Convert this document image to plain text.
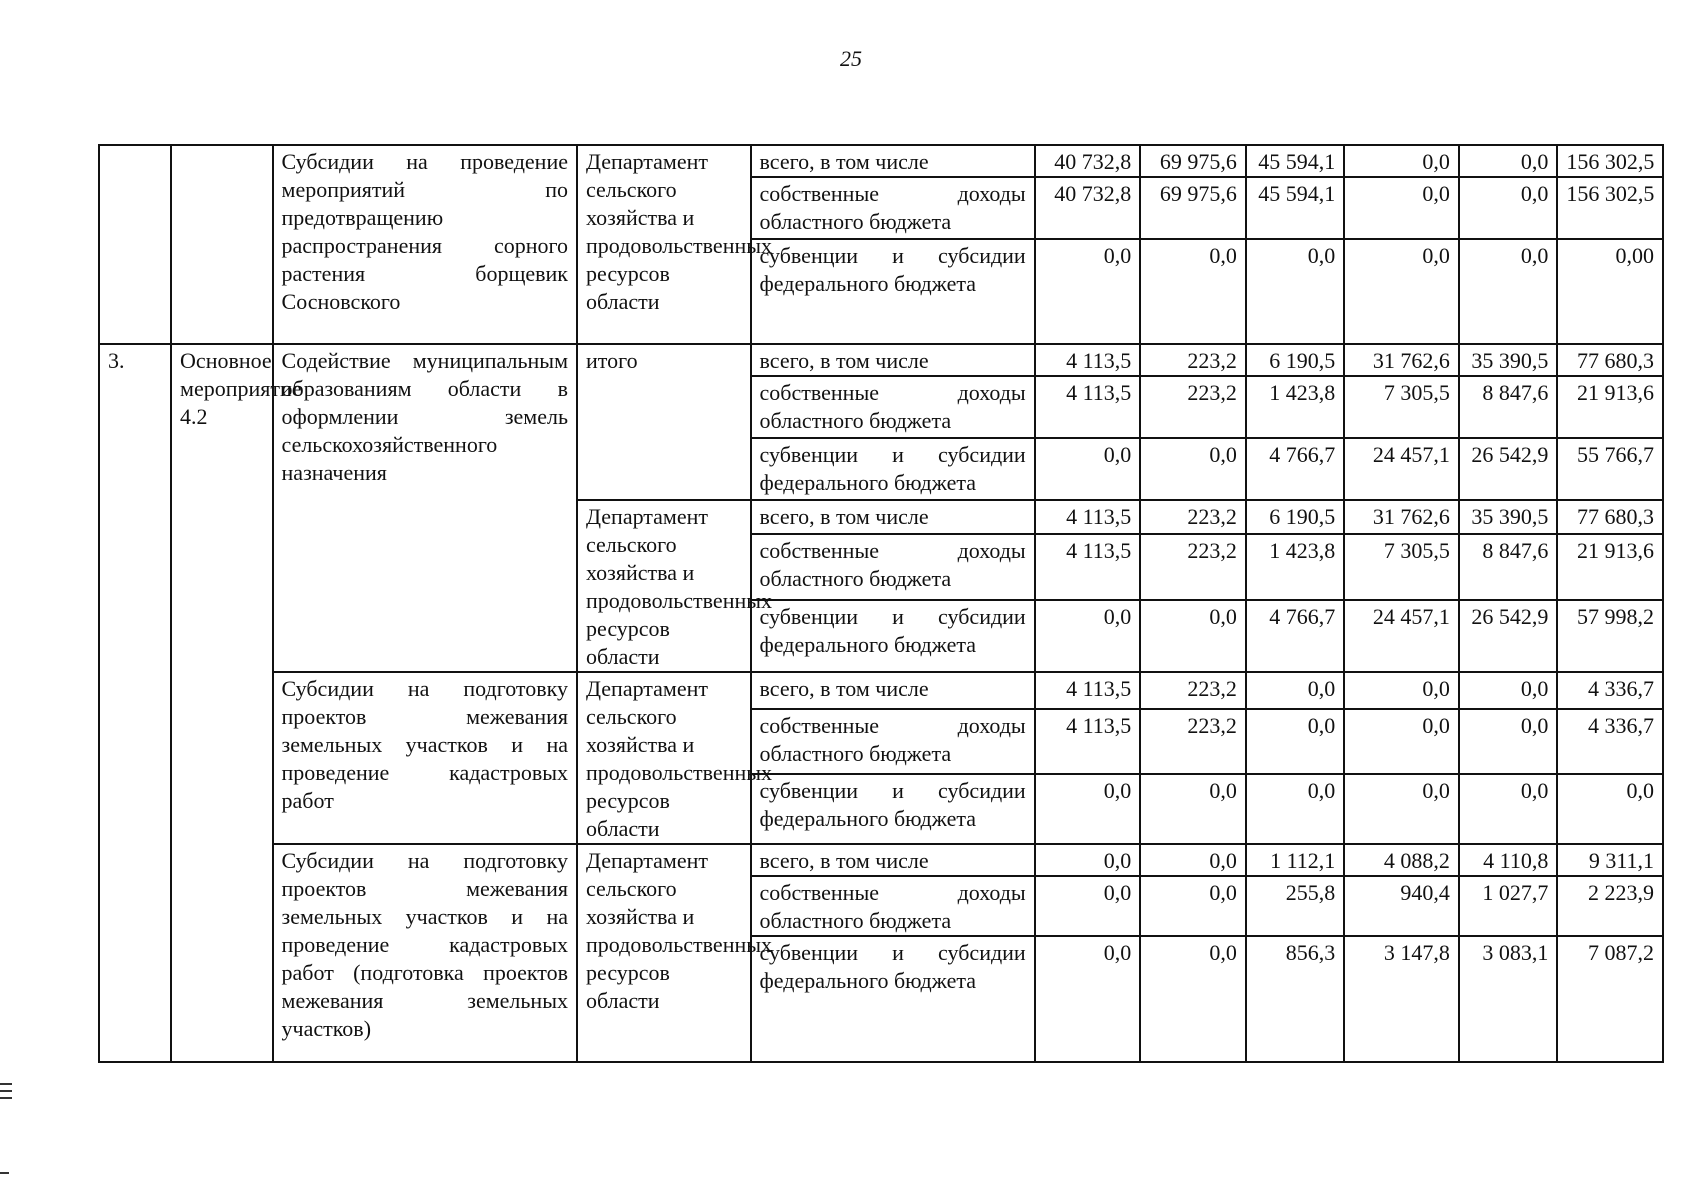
25
		Субсидии на проведение мероприятий по предотвращению распространения сорного растения борщевик Сосновского	Департамент сельского хозяйства и продовольственных ресурсов области	всего, в том числе	40 732,8	69 975,6	45 594,1	0,0	0,0	156 302,5
				собственные доходы областного бюджета	40 732,8	69 975,6	45 594,1	0,0	0,0	156 302,5
				субвенции и субсидии федерального бюджета	0,0	0,0	0,0	0,0	0,0	0,00
3.	Основное мероприятие 4.2	Содействие муниципальным образованиям области в оформлении земель сельскохозяйственного назначения	итого	всего, в том числе	4 113,5	223,2	6 190,5	31 762,6	35 390,5	77 680,3
				собственные доходы областного бюджета	4 113,5	223,2	1 423,8	7 305,5	8 847,6	21 913,6
				субвенции и субсидии федерального бюджета	0,0	0,0	4 766,7	24 457,1	26 542,9	55 766,7
			Департамент сельского хозяйства и продовольственных ресурсов области	всего, в том числе	4 113,5	223,2	6 190,5	31 762,6	35 390,5	77 680,3
				собственные доходы областного бюджета	4 113,5	223,2	1 423,8	7 305,5	8 847,6	21 913,6
				субвенции и субсидии федерального бюджета	0,0	0,0	4 766,7	24 457,1	26 542,9	57 998,2
		Субсидии на подготовку проектов межевания земельных участков и на проведение кадастровых работ	Департамент сельского хозяйства и продовольственных ресурсов области	всего, в том числе	4 113,5	223,2	0,0	0,0	0,0	4 336,7
				собственные доходы областного бюджета	4 113,5	223,2	0,0	0,0	0,0	4 336,7
				субвенции и субсидии федерального бюджета	0,0	0,0	0,0	0,0	0,0	0,0
		Субсидии на подготовку проектов межевания земельных участков и на проведение кадастровых работ (подготовка проектов межевания земельных участков)	Департамент сельского хозяйства и продовольственных ресурсов области	всего, в том числе	0,0	0,0	1 112,1	4 088,2	4 110,8	9 311,1
				собственные доходы областного бюджета	0,0	0,0	255,8	940,4	1 027,7	2 223,9
				субвенции и субсидии федерального бюджета	0,0	0,0	856,3	3 147,8	3 083,1	7 087,2
